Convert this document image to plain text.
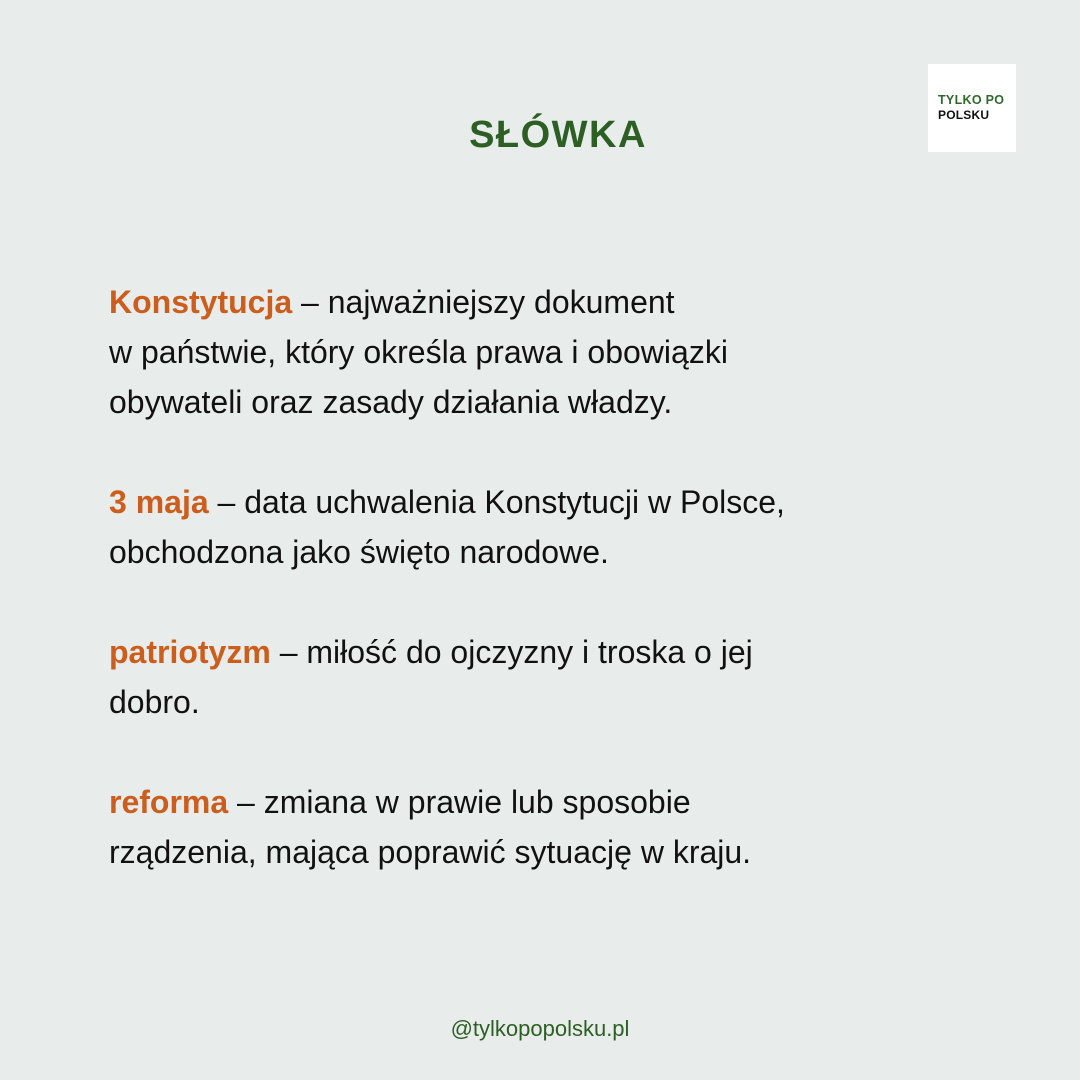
TYLKO PO
POLSKU
SŁÓWKA

Konstytucja – najważniejszy dokument
w państwie, który określa prawa i obowiązki
obywateli oraz zasady działania władzy.

3 maja – data uchwalenia Konstytucji w Polsce,
obchodzona jako święto narodowe.

patriotyzm – miłość do ojczyzny i troska o jej
dobro.

reforma – zmiana w prawie lub sposobie
rządzenia, mająca poprawić sytuację w kraju.

@tylkopopolsku.pl
